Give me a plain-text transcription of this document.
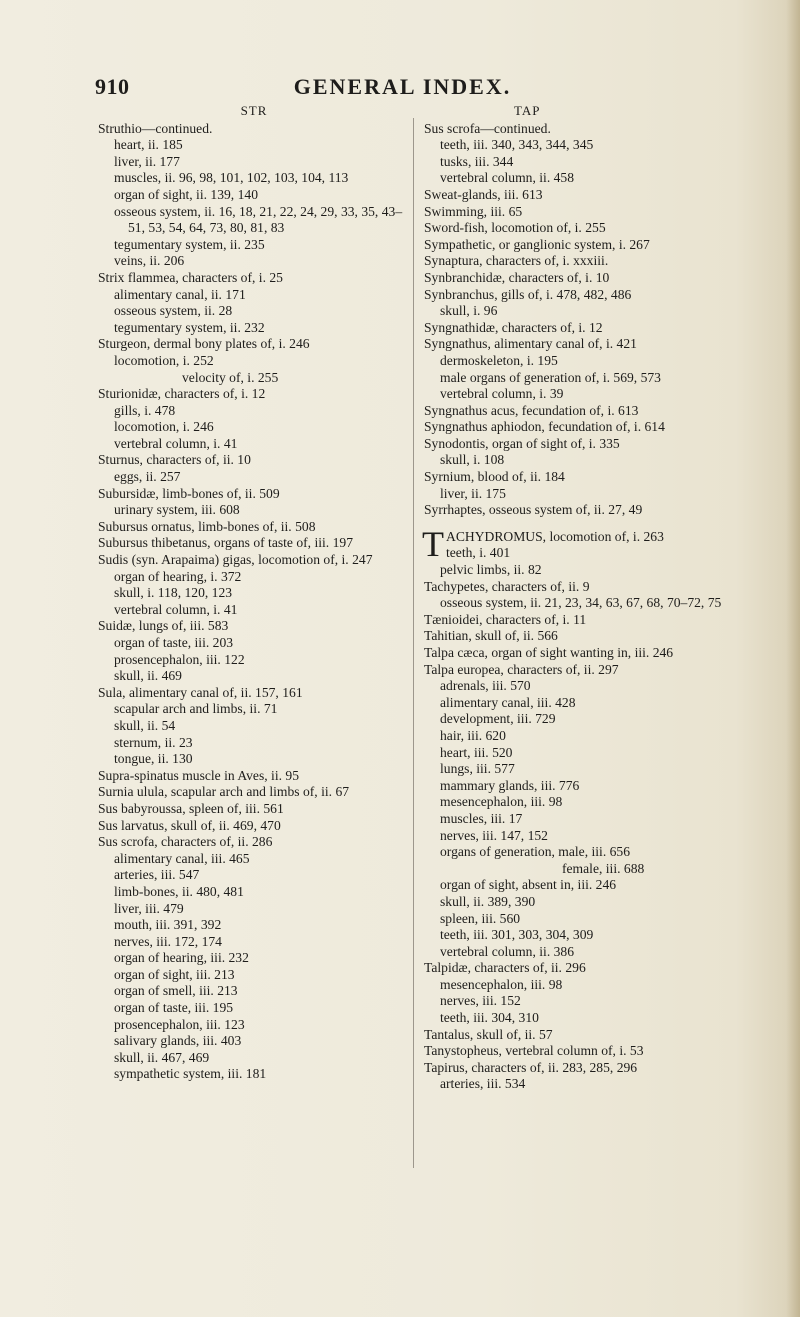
910	GENERAL INDEX.
STR

Struthio—continued.

heart, ii. 185

liver, ii. 177

muscles, ii. 96, 98, 101, 102, 103, 104, 113

organ of sight, ii. 139, 140

osseous system, ii. 16, 18, 21, 22, 24, 29, 33, 35, 43–51, 53, 54, 64, 73, 80, 81, 83

tegumentary system, ii. 235

veins, ii. 206

Strix flammea, characters of, i. 25

alimentary canal, ii. 171

osseous system, ii. 28

tegumentary system, ii. 232

Sturgeon, dermal bony plates of, i. 246

locomotion, i. 252

velocity of, i. 255

Sturionidæ, characters of, i. 12

gills, i. 478

locomotion, i. 246

vertebral column, i. 41

Sturnus, characters of, ii. 10

eggs, ii. 257

Subursidæ, limb-bones of, ii. 509

urinary system, iii. 608

Subursus ornatus, limb-bones of, ii. 508

Subursus thibetanus, organs of taste of, iii. 197

Sudis (syn. Arapaima) gigas, locomotion of, i. 247

organ of hearing, i. 372

skull, i. 118, 120, 123

vertebral column, i. 41

Suidæ, lungs of, iii. 583

organ of taste, iii. 203

prosencephalon, iii. 122

skull, ii. 469

Sula, alimentary canal of, ii. 157, 161

scapular arch and limbs, ii. 71

skull, ii. 54

sternum, ii. 23

tongue, ii. 130

Supra-spinatus muscle in Aves, ii. 95

Surnia ulula, scapular arch and limbs of, ii. 67

Sus babyroussa, spleen of, iii. 561

Sus larvatus, skull of, ii. 469, 470

Sus scrofa, characters of, ii. 286

alimentary canal, iii. 465

arteries, iii. 547

limb-bones, ii. 480, 481

liver, iii. 479

mouth, iii. 391, 392

nerves, iii. 172, 174

organ of hearing, iii. 232

organ of sight, iii. 213

organ of smell, iii. 213

organ of taste, iii. 195

prosencephalon, iii. 123

salivary glands, iii. 403

skull, ii. 467, 469

sympathetic system, iii. 181

TAP

Sus scrofa—continued.

teeth, iii. 340, 343, 344, 345

tusks, iii. 344

vertebral column, ii. 458

Sweat-glands, iii. 613

Swimming, iii. 65

Sword-fish, locomotion of, i. 255

Sympathetic, or ganglionic system, i. 267

Synaptura, characters of, i. xxxiii.

Synbranchidæ, characters of, i. 10

Synbranchus, gills of, i. 478, 482, 486

skull, i. 96

Syngnathidæ, characters of, i. 12

Syngnathus, alimentary canal of, i. 421

dermoskeleton, i. 195

male organs of generation of, i. 569, 573

vertebral column, i. 39

Syngnathus acus, fecundation of, i. 613

Syngnathus aphiodon, fecundation of, i. 614

Synodontis, organ of sight of, i. 335

skull, i. 108

Syrnium, blood of, ii. 184

liver, ii. 175

Syrrhaptes, osseous system of, ii. 27, 49

T ACHYDROMUS, locomotion of, i. 263

teeth, i. 401

pelvic limbs, ii. 82

Tachypetes, characters of, ii. 9

osseous system, ii. 21, 23, 34, 63, 67, 68, 70–72, 75

Tænioidei, characters of, i. 11

Tahitian, skull of, ii. 566

Talpa cæca, organ of sight wanting in, iii. 246

Talpa europea, characters of, ii. 297

adrenals, iii. 570

alimentary canal, iii. 428

development, iii. 729

hair, iii. 620

heart, iii. 520

lungs, iii. 577

mammary glands, iii. 776

mesencephalon, iii. 98

muscles, iii. 17

nerves, iii. 147, 152

organs of generation, male, iii. 656

female, iii. 688

organ of sight, absent in, iii. 246

skull, ii. 389, 390

spleen, iii. 560

teeth, iii. 301, 303, 304, 309

vertebral column, ii. 386

Talpidæ, characters of, ii. 296

mesencephalon, iii. 98

nerves, iii. 152

teeth, iii. 304, 310

Tantalus, skull of, ii. 57

Tanystopheus, vertebral column of, i. 53

Tapirus, characters of, ii. 283, 285, 296

arteries, iii. 534
